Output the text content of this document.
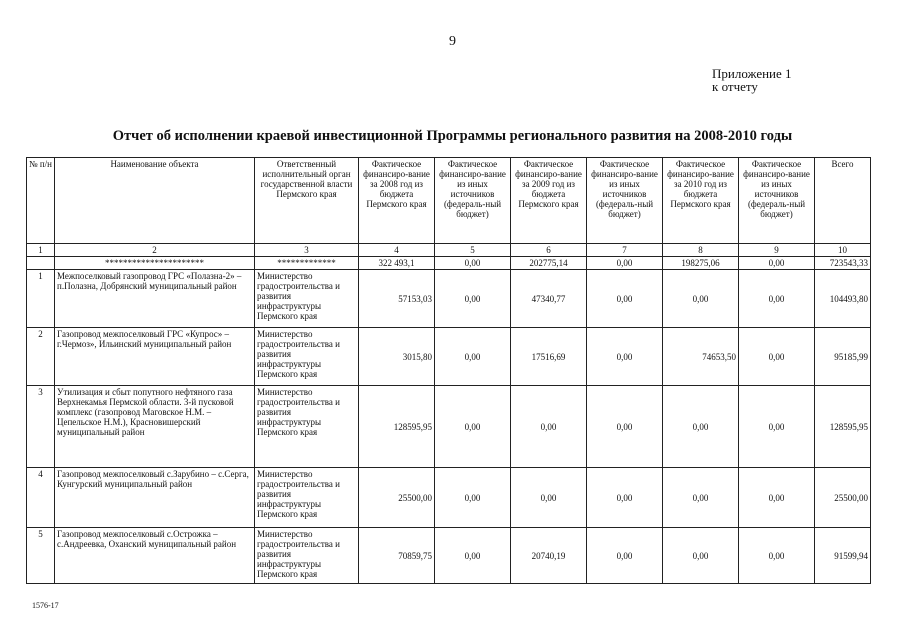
9
Приложение 1
к отчету
Отчет об исполнении краевой инвестиционной Программы регионального развития на 2008-2010 годы
№ п/н	Наименование объекта	Ответственный исполнительный орган государственной власти Пермского края	Фактическое финансиро-вание за 2008 год из бюджета Пермского края	Фактическое финансиро-вание из иных источников (федераль-ный бюджет)	Фактическое финансиро-вание за 2009 год из бюджета Пермского края	Фактическое финансиро-вание из иных источников (федераль-ный бюджет)	Фактическое финансиро-вание за 2010 год из бюджета Пермского края	Фактическое финансиро-вание из иных источников (федераль-ный бюджет)	Всего
1	2	3	4	5	6	7	8	9	10
	**********************	*************	322 493,1	0,00	202775,14	0,00	198275,06	0,00	723543,33
1	Межпоселковый газопровод ГРС «Полазна-2» – п.Полазна, Добрянский муниципальный район	Министерство градостроительства и развития инфраструктуры Пермского края	57153,03	0,00	47340,77	0,00	0,00	0,00	104493,80
2	Газопровод межпоселковый ГРС «Купрос» – г.Чермоз», Ильинский муниципальный район	Министерство градостроительства и развития инфраструктуры Пермского края	3015,80	0,00	17516,69	0,00	74653,50	0,00	95185,99
3	Утилизация и сбыт попутного нефтяного газа Верхнекамья Пермской области. 3-й пусковой комплекс (газопровод Маговское Н.М. – Цепельское Н.М.), Красновишерский муниципальный район	Министерство градостроительства и развития инфраструктуры Пермского края	128595,95	0,00	0,00	0,00	0,00	0,00	128595,95
4	Газопровод межпоселковый с.Зарубино – с.Серга, Кунгурский муниципальный район	Министерство градостроительства и развития инфраструктуры Пермского края	25500,00	0,00	0,00	0,00	0,00	0,00	25500,00
5	Газопровод межпоселковый с.Острожка – с.Андреевка, Оханский муниципальный район	Министерство градостроительства и развития инфраструктуры Пермского края	70859,75	0,00	20740,19	0,00	0,00	0,00	91599,94
1576-17
